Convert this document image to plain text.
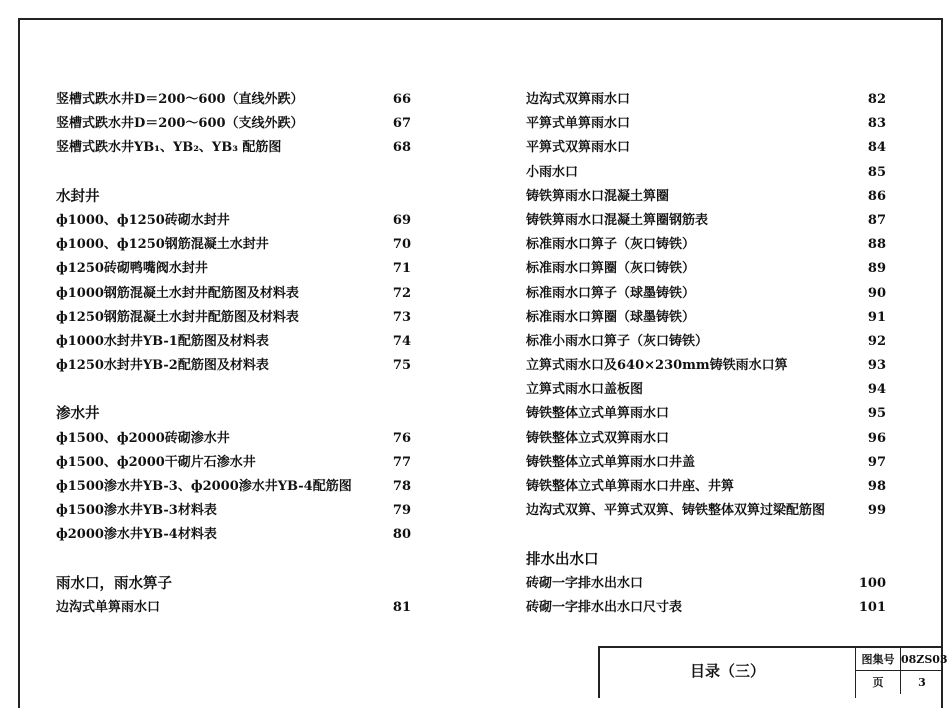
竖槽式跌水井D＝200～600（直线外跌）	66
竖槽式跌水井D＝200～600（支线外跌）	67
竖槽式跌水井YB₁、YB₂、YB₃ 配筋图	68
水封井
ф1000、ф1250砖砌水封井	69
ф1000、ф1250钢筋混凝土水封井	70
ф1250砖砌鸭嘴阀水封井	71
ф1000钢筋混凝土水封井配筋图及材料表	72
ф1250钢筋混凝土水封井配筋图及材料表	73
ф1000水封井YB-1配筋图及材料表	74
ф1250水封井YB-2配筋图及材料表	75
渗水井
ф1500、ф2000砖砌渗水井	76
ф1500、ф2000干砌片石渗水井	77
ф1500渗水井YB-3、ф2000渗水井YB-4配筋图	78
ф1500渗水井YB-3材料表	79
ф2000渗水井YB-4材料表	80
雨水口，雨水箅子
边沟式单箅雨水口	81
边沟式双箅雨水口	82
平箅式单箅雨水口	83
平箅式双箅雨水口	84
小雨水口	85
铸铁箅雨水口混凝土箅圈	86
铸铁箅雨水口混凝土箅圈钢筋表	87
标准雨水口箅子（灰口铸铁）	88
标准雨水口箅圈（灰口铸铁）	89
标准雨水口箅子（球墨铸铁）	90
标准雨水口箅圈（球墨铸铁）	91
标准小雨水口箅子（灰口铸铁）	92
立箅式雨水口及640×230mm铸铁雨水口箅	93
立箅式雨水口盖板图	94
铸铁整体立式单箅雨水口	95
铸铁整体立式双箅雨水口	96
铸铁整体立式单箅雨水口井盖	97
铸铁整体立式单箅雨水口井座、井箅	98
边沟式双箅、平箅式双箅、铸铁整体双箅过梁配筋图	99
排水出水口
砖砌一字排水出水口	100
砖砌一字排水出水口尺寸表	101
目录（三）
图集号 08ZS03
页	3
